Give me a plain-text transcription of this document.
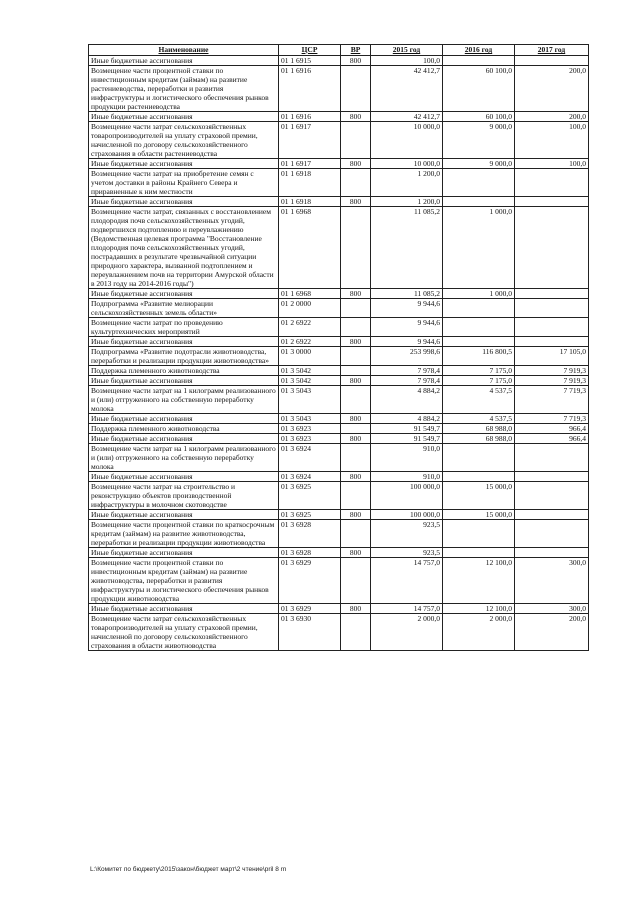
Наименование	ЦСР	ВР	2015 год	2016 год	2017 год
Иные бюджетные ассигнования	01 1 6915	800	100,0		
Возмещение части процентной ставки по инвестиционным кредитам (займам) на развитие растениеводства, переработки и развития инфраструктуры и логистического обеспечения рынков продукции растениеводства	01 1 6916		42 412,7	60 100,0	200,0
Иные бюджетные ассигнования	01 1 6916	800	42 412,7	60 100,0	200,0
Возмещение части затрат сельскохозяйственных товаропроизводителей на уплату страховой премии, начисленной по договору сельскохозяйственного страхования в области растениеводства	01 1 6917		10 000,0	9 000,0	100,0
Иные бюджетные ассигнования	01 1 6917	800	10 000,0	9 000,0	100,0
Возмещение части затрат на приобретение семян с учетом доставки в районы Крайнего Севера и приравненные к ним местности	01 1 6918		1 200,0		
Иные бюджетные ассигнования	01 1 6918	800	1 200,0		
Возмещение части затрат, связанных с восстановлением плодородия почв сельскохозяйственных угодий, подвергшихся подтоплению и переувлажнению (Ведомственная целевая программа "Восстановление плодородия почв сельскохозяйственных угодий, пострадавших в результате чрезвычайной ситуации природного характера, вызванной подтоплением и переувлажнением почв на территории Амурской области в 2013 году на 2014-2016 годы")	01 1 6968		11 085,2	1 000,0	
Иные бюджетные ассигнования	01 1 6968	800	11 085,2	1 000,0	
Подпрограмма «Развитие мелиорации сельскохозяйственных земель области»	01 2 0000		9 944,6		
Возмещение части затрат по проведению культуртехнических мероприятий	01 2 6922		9 944,6		
Иные бюджетные ассигнования	01 2 6922	800	9 944,6		
Подпрограмма «Развитие подотрасли животноводства, переработки и реализации продукции животноводства»	01 3 0000		253 998,6	116 800,5	17 105,0
Поддержка племенного животноводства	01 3 5042		7 978,4	7 175,0	7 919,3
Иные бюджетные ассигнования	01 3 5042	800	7 978,4	7 175,0	7 919,3
Возмещение части затрат на 1 килограмм реализованного и (или) отгруженного на собственную переработку молока	01 3 5043		4 884,2	4 537,5	7 719,3
Иные бюджетные ассигнования	01 3 5043	800	4 884,2	4 537,5	7 719,3
Поддержка племенного животноводства	01 3 6923		91 549,7	68 988,0	966,4
Иные бюджетные ассигнования	01 3 6923	800	91 549,7	68 988,0	966,4
Возмещение части затрат на 1 килограмм реализованного и (или) отгруженного на собственную переработку молока	01 3 6924		910,0		
Иные бюджетные ассигнования	01 3 6924	800	910,0		
Возмещение части затрат на строительство и реконструкцию объектов производственной инфраструктуры в молочном скотоводстве	01 3 6925		100 000,0	15 000,0	
Иные бюджетные ассигнования	01 3 6925	800	100 000,0	15 000,0	
Возмещение части процентной ставки по краткосрочным кредитам (займам) на развитие животноводства, переработки и реализации продукции животноводства	01 3 6928		923,5		
Иные бюджетные ассигнования	01 3 6928	800	923,5		
Возмещение части процентной ставки по инвестиционным кредитам (займам) на развитие животноводства, переработки и развития инфраструктуры и логистического обеспечения рынков продукции животноводства	01 3 6929		14 757,0	12 100,0	300,0
Иные бюджетные ассигнования	01 3 6929	800	14 757,0	12 100,0	300,0
Возмещение части затрат сельскохозяйственных товаропроизводителей на уплату страховой премии, начисленной по договору сельскохозяйственного страхования в области животноводства	01 3 6930		2 000,0	2 000,0	200,0
L:\Комитет по бюджету\2015\закон\бюджет март\2 чтение\pril 8 rn
